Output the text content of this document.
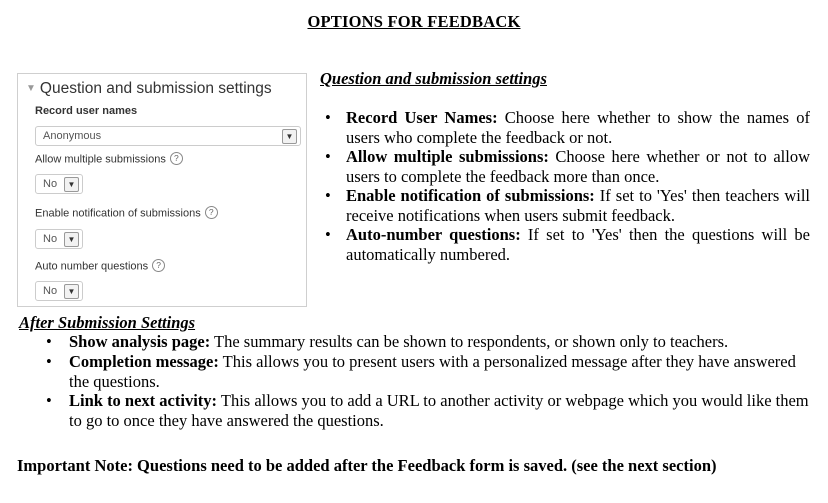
OPTIONS FOR FEEDBACK
▼ Question and submission settings
Record user names
Anonymous	▼
Allow multiple submissions ?
No	▼
Enable notification of submissions ?
No	▼
Auto number questions ?
No	▼
Question and submission settings
• Record User Names: Choose here whether to show the names of users who complete the feedback or not.
• Allow multiple submissions: Choose here whether or not to allow users to complete the feedback more than once.
• Enable notification of submissions: If set to 'Yes' then teachers will receive notifications when users submit feedback.
• Auto-number questions: If set to 'Yes' then the questions will be automatically numbered.
After Submission Settings
• Show analysis page: The summary results can be shown to respondents, or shown only to teachers.
• Completion message: This allows you to present users with a personalized message after they have answered the questions.
• Link to next activity: This allows you to add a URL to another activity or webpage which you would like them to go to once they have answered the questions.
Important Note: Questions need to be added after the Feedback form is saved. (see the next section)
